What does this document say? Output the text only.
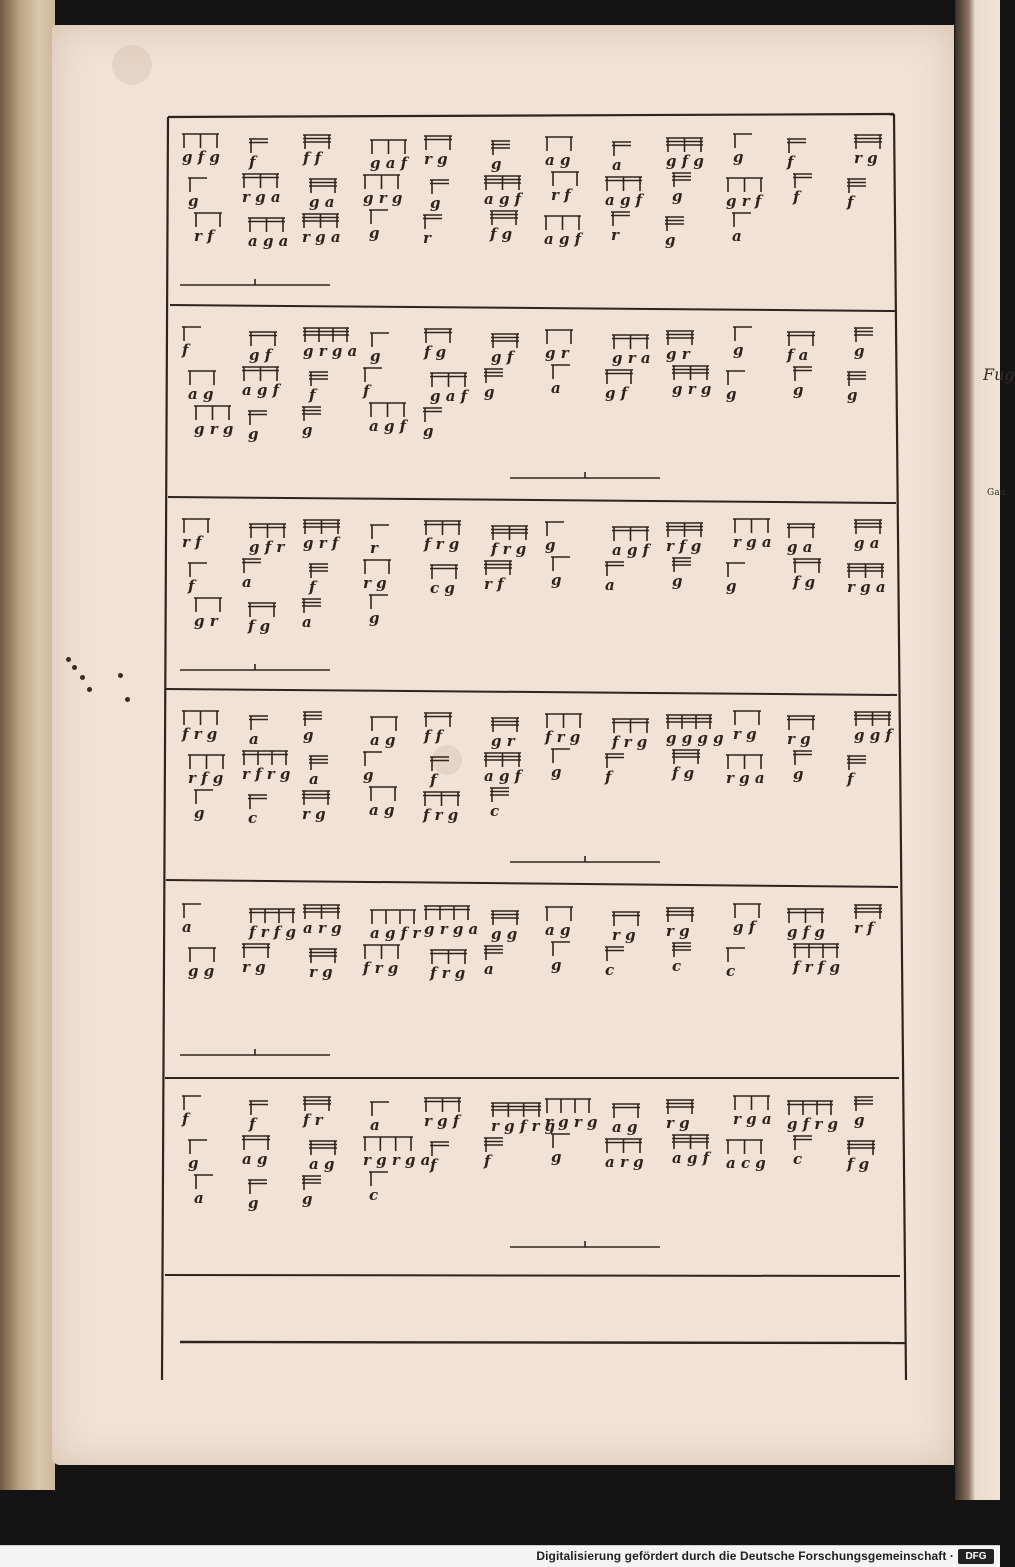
Fug
Gan
g f g f	f f	g a f r g	g	a g	a	g f g g	f	r g
g	r g a g a g r g g	a g f r f a g f g	g r f f	f
r f a g a r g a g	r	f g a g f r	g	a
f	g f g r g a g	f g	g f g r	g r a g r	g	f a	g
a g a g f f	f	g a f g	a	g f	g r g g	g	g
g r g g	g	a g f g
r f	g f r g r f r	f r g f r g g	a g f r f g r g a g a	g a
f	a	f	r g	c g r f	g	a	g	g	f g r g a
g r f g a	g
f r g a	g	a g f f	g r f r g f r g g g g g r g r g	g g f
r f g r f r g a	g	f	a g f g	f	f g r g a g	f
g	c	r g	a g f r g c
a	f r f g a r g a g f r g r g a g g a g	r g r g	g f g f g r f
g g r g	r g f r g f r g a	g	c	c	c	f r f g
f	f	f r	a	r g f r g f r g
r g r g a g r g	r g a g f r g g
g	a g	a g r g r g a f	f	g	a r g a g f a c g c	f g
a	g	g	c
Digitalisierung gefördert durch die Deutsche Forschungsgemeinschaft ·	DFG
